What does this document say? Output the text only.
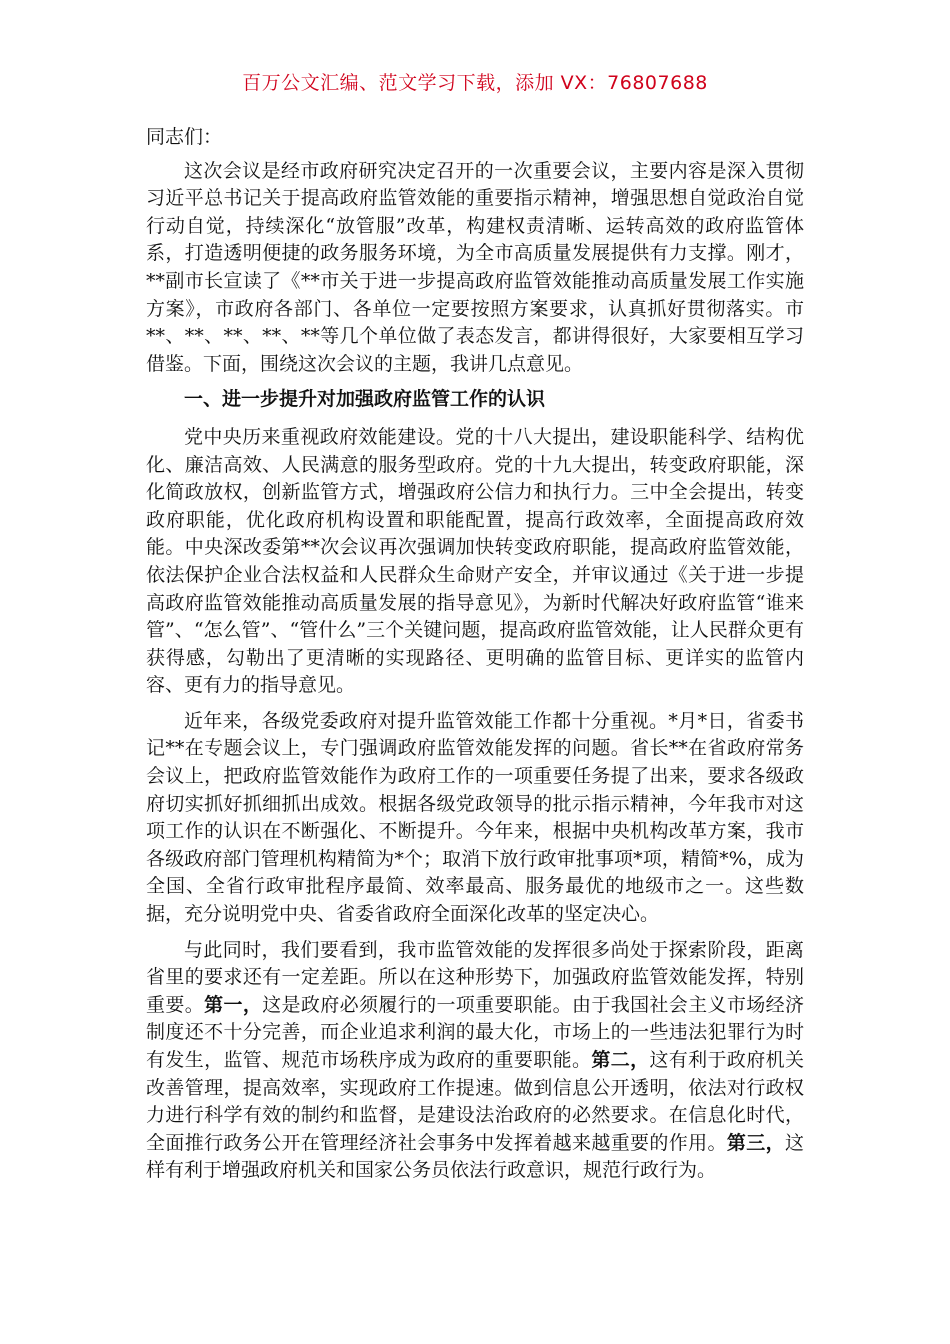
百万公文汇编、范文学习下载，添加 VX：76807688
同志们：

这次会议是经市政府研究决定召开的一次重要会议，主要内容是深入贯彻习近平总书记关于提高政府监管效能的重要指示精神，增强思想自觉政治自觉行动自觉，持续深化“放管服”改革，构建权责清晰、运转高效的政府监管体系，打造透明便捷的政务服务环境，为全市高质量发展提供有力支撑。刚才，**副市长宣读了《**市关于进一步提高政府监管效能推动高质量发展工作实施方案》，市政府各部门、各单位一定要按照方案要求，认真抓好贯彻落实。市**、**、**、**、**等几个单位做了表态发言，都讲得很好，大家要相互学习借鉴。下面，围绕这次会议的主题，我讲几点意见。

一、进一步提升对加强政府监管工作的认识

党中央历来重视政府效能建设。党的十八大提出，建设职能科学、结构优化、廉洁高效、人民满意的服务型政府。党的十九大提出，转变政府职能，深化简政放权，创新监管方式，增强政府公信力和执行力。三中全会提出，转变政府职能，优化政府机构设置和职能配置，提高行政效率，全面提高政府效能。中央深改委第**次会议再次强调加快转变政府职能，提高政府监管效能，依法保护企业合法权益和人民群众生命财产安全，并审议通过《关于进一步提高政府监管效能推动高质量发展的指导意见》，为新时代解决好政府监管“谁来管”、“怎么管”、“管什么”三个关键问题，提高政府监管效能，让人民群众更有获得感，勾勒出了更清晰的实现路径、更明确的监管目标、更详实的监管内容、更有力的指导意见。

近年来，各级党委政府对提升监管效能工作都十分重视。*月*日，省委书记**在专题会议上，专门强调政府监管效能发挥的问题。省长**在省政府常务会议上，把政府监管效能作为政府工作的一项重要任务提了出来，要求各级政府切实抓好抓细抓出成效。根据各级党政领导的批示指示精神，今年我市对这项工作的认识在不断强化、不断提升。今年来，根据中央机构改革方案，我市各级政府部门管理机构精简为*个；取消下放行政审批事项*项，精简*%，成为全国、全省行政审批程序最简、效率最高、服务最优的地级市之一。这些数据，充分说明党中央、省委省政府全面深化改革的坚定决心。

与此同时，我们要看到，我市监管效能的发挥很多尚处于探索阶段，距离省里的要求还有一定差距。所以在这种形势下，加强政府监管效能发挥，特别重要。第一，这是政府必须履行的一项重要职能。由于我国社会主义市场经济制度还不十分完善，而企业追求利润的最大化，市场上的一些违法犯罪行为时有发生，监管、规范市场秩序成为政府的重要职能。第二，这有利于政府机关改善管理，提高效率，实现政府工作提速。做到信息公开透明，依法对行政权力进行科学有效的制约和监督，是建设法治政府的必然要求。在信息化时代，全面推行政务公开在管理经济社会事务中发挥着越来越重要的作用。第三，这样有利于增强政府机关和国家公务员依法行政意识，规范行政行为。
